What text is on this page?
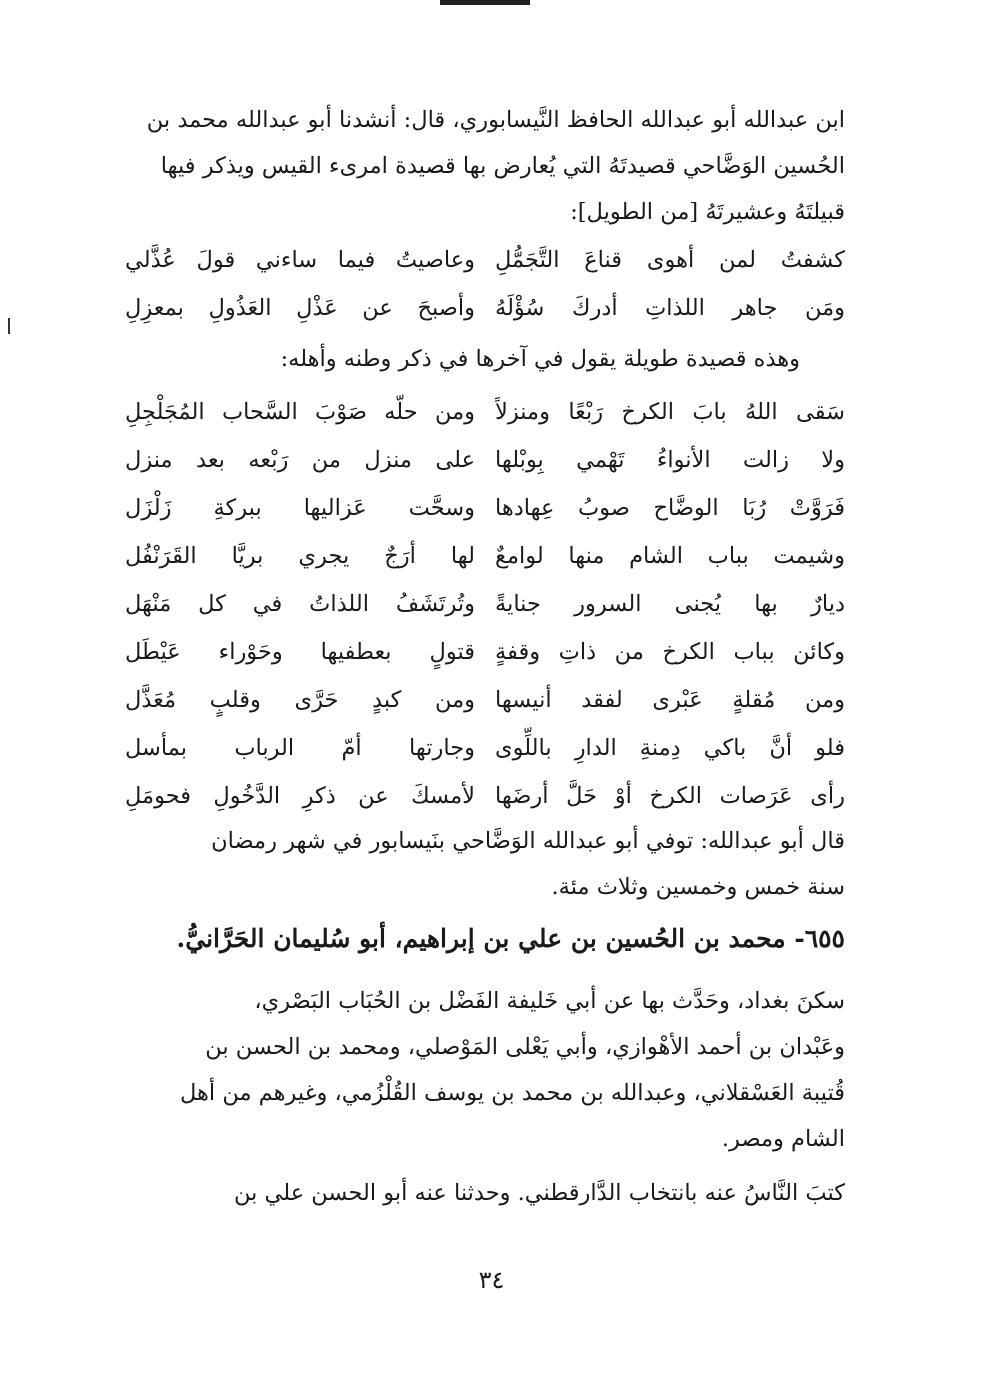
ابن عبدالله أبو عبدالله الحافظ النَّيسابوري، قال: أنشدنا أبو عبدالله محمد بن
الحُسين الوَضَّاحي قصيدتَهُ التي يُعارض بها قصيدة امرىء القيس ويذكر فيها
قبيلتَهُ وعشيرتَهُ [من الطويل]:
كشفتُ لمن أهوى قناعَ التَّجَمُّلِ
وعاصيتُ فيما ساءني قولَ عُذَّلي
ومَن جاهر اللذاتِ أدركَ سُؤْلَهُ
وأصبحَ عن عَذْلِ العَذُولِ بمعزِلِ
وهذه قصيدة طويلة يقول في آخرها في ذكر وطنه وأهله:
سَقى اللهُ بابَ الكرخ رَبْعًا ومنزلاً
ومن حلّه صَوْبَ السَّحاب المُجَلْجِلِ
ولا زالت الأنواءُ تَهْمي بِوبْلها
على منزل من رَبْعه بعد منزل
فَرَوَّتْ رُبَا الوضَّاح صوبُ عِهادها
وسحَّت عَزاليها ببركةِ زَلْزَل
وشيمت بباب الشام منها لوامعٌ
لها أرَجٌ يجري بريَّا القَرَنْفُل
ديارٌ بها يُجنى السرور جنايةً
وتُرتَشَفُ اللذاتُ في كل مَنْهَل
وكائن بباب الكرخ من ذاتِ وقفةٍ
قتولٍ بعطفيها وحَوْراء عَيْطَل
ومن مُقلةٍ عَبْرى لفقد أنيسها
ومن كبدٍ حَرَّى وقلبٍ مُعَذَّل
فلو أنَّ باكي دِمنةِ الدارِ باللِّوى
وجارتها أمّ الرباب بمأسل
رأى عَرَصات الكرخ أوْ حَلَّ أرضَها
لأمسكَ عن ذكرِ الدَّخُولِ فحومَلِ
قال أبو عبدالله: توفي أبو عبدالله الوَضَّاحي بنَيسابور في شهر رمضان
سنة خمس وخمسين وثلاث مئة.
٦٥٥- محمد بن الحُسين بن علي بن إبراهيم، أبو سُليمان الحَرَّانيُّ.
سكنَ بغداد، وحَدَّث بها عن أبي خَليفة الفَضْل بن الحُبَاب البَصْري،
وعَبْدان بن أحمد الأهْوازي، وأبي يَعْلى المَوْصلي، ومحمد بن الحسن بن
قُتيبة العَسْقلاني، وعبدالله بن محمد بن يوسف القُلْزُمي، وغيرهم من أهل
الشام ومصر.
كتبَ النَّاسُ عنه بانتخاب الدَّارقطني. وحدثنا عنه أبو الحسن علي بن
٣٤
